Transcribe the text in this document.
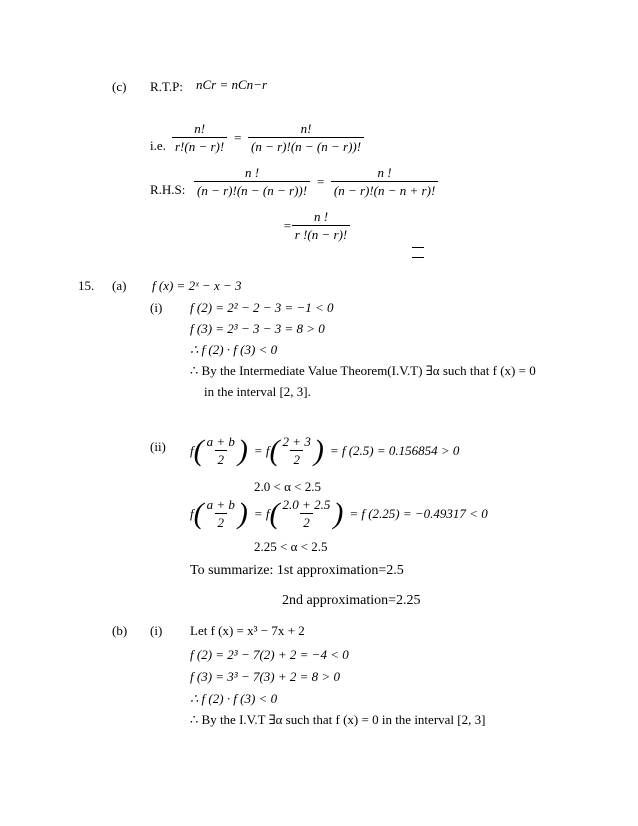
(c) R.T.P: nCr = nCn−r
i.e. $\frac{n!}{r!(n - r)!} = \frac{n!}{(n - r)!(n - (n - r))!}$
R.H.S: $\frac{n !}{(n - r)!(n - (n - r))!} = \frac{n !}{(n - r)!(n - n + r)!}$
= $\frac{n !}{r !(n - r)!}$
15. (a) f (x) = 2ˣ − x − 3
(i) f (2) = 2² − 2 − 3 = −1 < 0
f (3) = 2³ − 3 − 3 = 8 > 0
∴ f (2) · f (3) < 0
∴ By the Intermediate Value Theorem(I.V.T) ∃α such that f (x) = 0
in the interval [2, 3].
(ii) f ( $\frac{a + b}{2}$ ) = f ( $\frac{2 + 3}{2}$ ) = f (2.5) = 0.156854 > 0
2.0 < α < 2.5
f ( $\frac{a + b}{2}$ ) = f ( $\frac{2.0 + 2.5}{2}$ ) = f (2.25) = −0.49317 < 0
2.25 < α < 2.5
To summarize: 1st approximation=2.5
2nd approximation=2.25
(b) (i) Let f (x) = x³ − 7x + 2
f (2) = 2³ − 7(2) + 2 = −4 < 0
f (3) = 3³ − 7(3) + 2 = 8 > 0
∴ f (2) · f (3) < 0
∴ By the I.V.T ∃α such that f (x) = 0 in the interval [2, 3]
